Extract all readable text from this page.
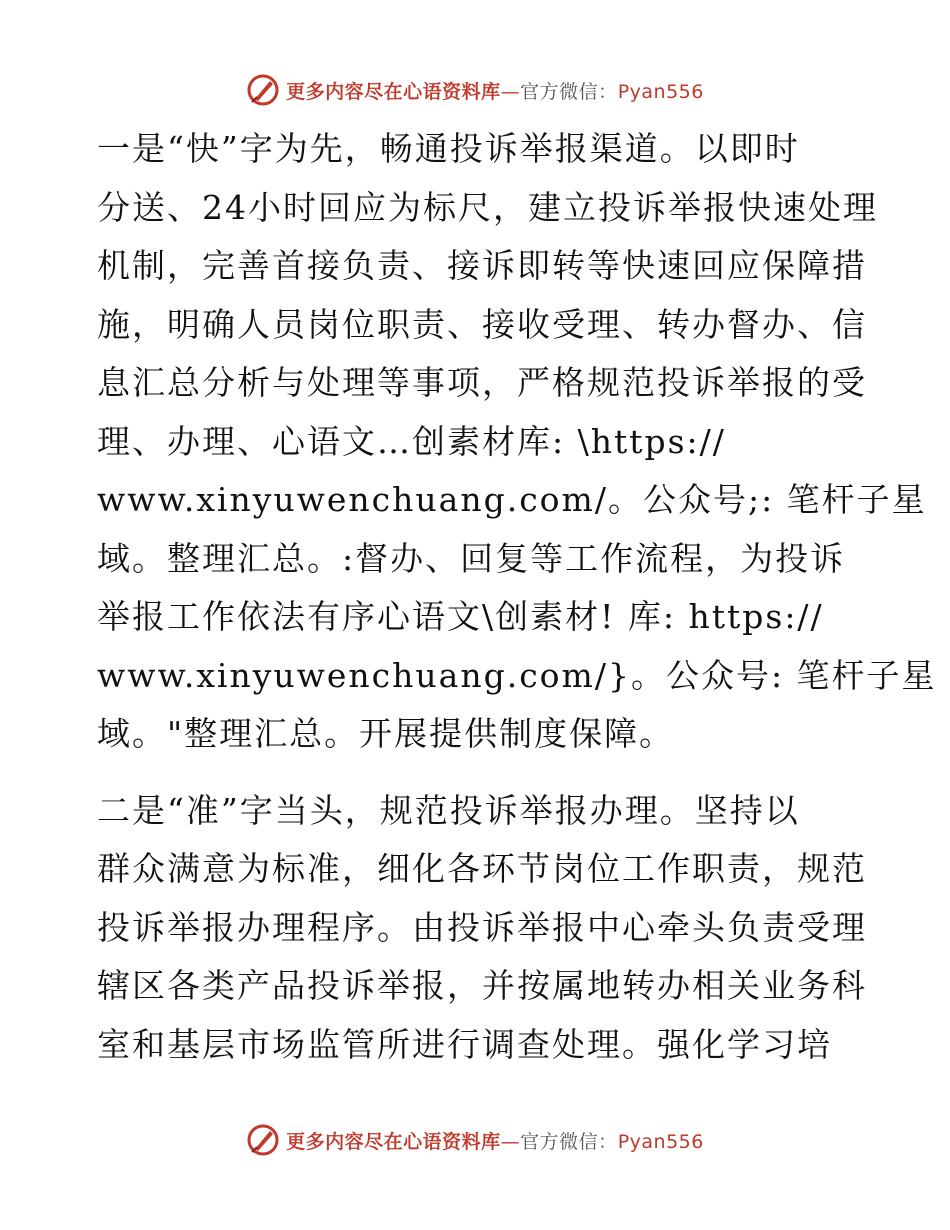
更多内容尽在心语资料库—官方微信：Pyan556

一是“快”字为先，畅通投诉举报渠道。以即时

分送、24小时回应为标尺，建立投诉举报快速处理

机制，完善首接负责、接诉即转等快速回应保障措

施，明确人员岗位职责、接收受理、转办督办、信

息汇总分析与处理等事项，严格规范投诉举报的受

理、办理、心语文…创素材库: \https://

www.xinyuwenchuang.com/。公众号;: 笔杆子星

域。整理汇总。:督办、回复等工作流程，为投诉

举报工作依法有序心语文\创素材! 库: https://

www.xinyuwenchuang.com/}。公众号: 笔杆子星

域。"整理汇总。开展提供制度保障。

二是“准”字当头，规范投诉举报办理。坚持以

群众满意为标准，细化各环节岗位工作职责，规范

投诉举报办理程序。由投诉举报中心牵头负责受理

辖区各类产品投诉举报，并按属地转办相关业务科

室和基层市场监管所进行调查处理。强化学习培

更多内容尽在心语资料库—官方微信：Pyan556
